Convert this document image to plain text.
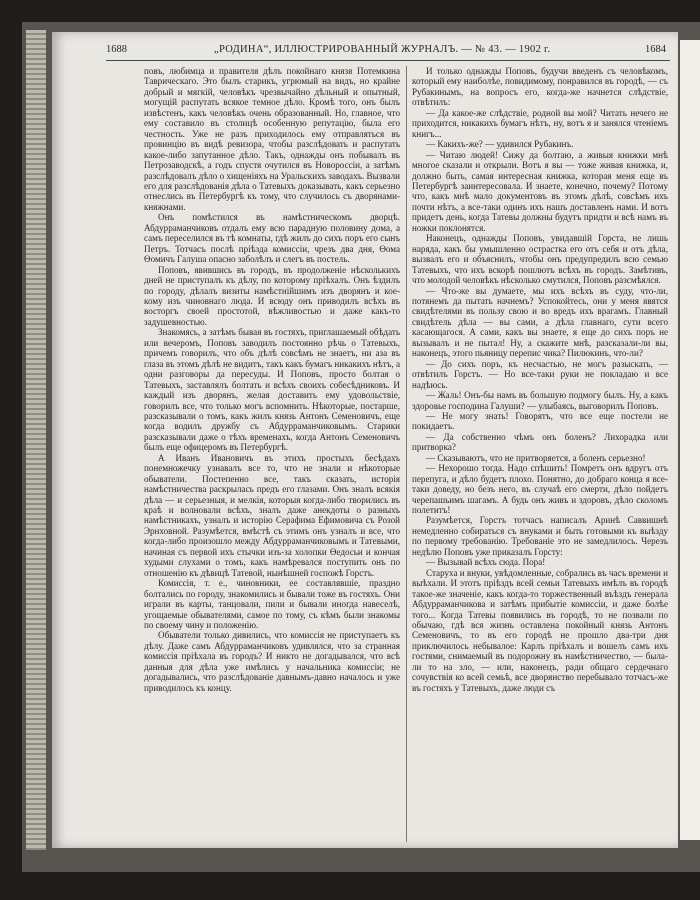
1688	„РОДИНА“, ИЛЛЮСТРИРОВАННЫЙ ЖУРНАЛЪ. — № 43. — 1902 г.	1684

повъ, любимца и правителя дѣлъ покойнаго князя Потемкина Таврическаго. Это былъ старикъ, угрюмый на видъ, но крайне добрый и мягкій, человѣкъ чрезвычайно дѣльный и опытный, могущій распутать всякое темное дѣло. Кромѣ того, онъ былъ извѣстенъ, какъ человѣкъ очень образованный. Но, главное, что ему составило въ столицѣ особенную репутацію, была его честность. Уже не разъ приходилось ему отправляться въ провинцію въ видѣ ревизора, чтобы разслѣдовать и распутать какое-либо запутанное дѣло. Такъ, однажды онъ побывалъ въ Петрозаводскѣ, а годъ спустя очутился въ Новороссіи, а затѣмъ разслѣдовалъ дѣло о хищеніяхъ на Уральскихъ заводахъ. Вызвали его для разслѣдованія дѣла о Татевыхъ доказывать, какъ серьезно отнеслись въ Петербургѣ къ тому, что случилось съ дворянами-княжнами.

Онъ помѣстился въ намѣстническомъ дворцѣ. Абдурраманчиковъ отдалъ ему всю парадную половину дома, а самъ переселился въ тѣ комнаты, гдѣ жилъ до сихъ поръ его сынъ Петръ. Тотчасъ послѣ пріѣзда комиссіи, чрезъ два дня, Ѳома Ѳомичъ Галуша опасно заболѣлъ и слегъ въ постель.

Поповъ, явившись въ городъ, въ продолженіе нѣсколькихъ дней не приступалъ къ дѣлу, по которому пріѣхалъ. Онъ ѣздилъ по городу, дѣлалъ визиты намѣстнійшимъ изъ дворянъ и кое-кому изъ чиновнаго люда. И всюду онъ приводилъ всѣхъ въ восторгъ своей простотой, вѣжливостью и даже какъ-то задушевностью.

Знакомясь, а затѣмъ бывая въ гостяхъ, приглашаемый обѣдать или вечеромъ, Поповъ заводилъ постоянно рѣчь о Татевыхъ, причемъ говорилъ, что объ дѣлѣ совсѣмъ не знаетъ, ни аза въ глаза въ этомъ дѣлѣ не видитъ, такъ какъ бумагъ никакихъ нѣтъ, а одни разговоры да пересуды. И Поповъ, просто болтая о Татевыхъ, заставлялъ болтать и всѣхъ своихъ собесѣдниковъ. И каждый изъ дворянъ, желая доставить ему удовольствіе, говорилъ все, что только могъ вспомнить. Нѣкоторые, постарше, разсказывали о томъ, какъ жилъ князь Антонъ Семеновичъ, еще когда водилъ дружбу съ Абдурраманчиковымъ. Старики разсказывали даже о тѣхъ временахъ, когда Антонъ Семеновичъ былъ еще офицеромъ въ Петербургѣ.

А Иванъ Ивановичъ въ этихъ простыхъ бесѣдахъ понемножечку узнавалъ все то, что не знали и нѣкоторые обыватели. Постепенно все, такъ сказать, исторія намѣстничества раскрылась предъ его глазами. Онъ зналъ всякія дѣла — и серьезныя, и мелкія, которыя когда-либо творились въ краѣ и волновали всѣхъ, зналъ даже анекдоты о разныхъ намѣстникахъ, узналъ и исторію Серафима Ефимовича съ Розой Эрнховной. Разумѣется, вмѣстѣ съ этимъ онъ узналъ и все, что когда-либо произошло между Абдурраманчиковымъ и Татевыми, начиная съ первой ихъ стычки изъ-за холопки Ѳедосьи и кончая худыми слухами о томъ, какъ намѣревался поступить онъ по отношенію къ дѣвицѣ Татевой, нынѣшней госпожѣ Горстъ.

Комиссія, т. е., чиновники, ее составлявшіе, праздно болтались по городу, знакомились и бывали тоже въ гостяхъ. Они играли въ карты, танцовали, пили и бывали иногда навеселѣ, угощаемые обывателями, самое по тому, съ кѣмъ были знакомы по своему чину и положенію.

Обыватели только дивились, что комиссія не приступаетъ къ дѣлу. Даже самъ Абдурраманчиковъ удивлялся, что за странная комиссія пріѣхала въ городъ? И никто не догадывался, что всѣ данныя для дѣла уже имѣлись у начальника комиссіи; не догадывались, что разслѣдованіе давнымъ-давно началось и уже приводилось къ концу.

И только однажды Поповъ, будучи введенъ съ человѣкомъ, который ему наиболѣе, повидимому, понравился въ городѣ, — съ Рубакинымъ, на вопросъ его, когда-же начнется слѣдствіе, отвѣтилъ:

— Да какое-же слѣдствіе, родной вы мой? Читать нечего не приходится, никакихъ бумагъ нѣтъ, ну, вотъ я и занялся чтеніемъ книгъ...

— Какихъ-же? — удивился Рубакинъ.

— Читаю людей! Сижу да болтаю, а живыя книжки мнѣ многое сказали и открыли. Вотъ я вы — тоже живая книжка, и, должно быть, самая интересная книжка, которая меня еще въ Петербургѣ заинтересовала. И знаете, конечно, почему? Потому что, какъ мнѣ мало документовъ въ этомъ дѣлѣ, совсѣмъ ихъ почти нѣтъ, а все-таки одинъ ихъ нашъ доставленъ нами. И вотъ придетъ день, когда Татевы должны будутъ придти и всѣ намъ въ ножки поклонятся.

Наконецъ, однажды Поповъ, увидавшій Горста, не лишь наряда, какъ бы умышленно острастка его отъ себя и отъ дѣла, вызвалъ его и объяснилъ, чтобы онъ предупредилъ всю семью Татевыхъ, что ихъ вскорѣ пошлютъ всѣхъ въ городъ. Замѣтивъ, что молодой человѣкъ нѣсколько смутился, Поповъ разсмѣялся.

— Что-же вы думаете, мы ихъ всѣхъ въ суду, что-ли, потянемъ да пытать начнемъ? Успокойтесь, они у меня явятся свидѣтелями въ пользу свою и во вредъ ихъ врагамъ. Главный свидѣтель дѣла — вы сами, а дѣла главнаго, сути всего касающагося. А сами, какъ вы знаете, я еще до сихъ поръ не вызывалъ и не пытал! Ну, а скажите мнѣ, разсказали-ли вы, наконецъ, этого пьяницу перепис чика? Пилюкинъ, что-ли?

— До сихъ поръ, къ несчастью, не могъ разыскать, — отвѣтилъ Горстъ. — Но все-таки руки не покладаю и все надѣюсь.

— Жаль! Онъ-бы намъ въ большую подмогу былъ. Ну, а какъ здоровье господина Галуши? — улыбаясь, выговорилъ Поповъ.

— Не могу знать! Говорятъ, что все еще постели не покидаетъ.

— Да собственно чѣмъ онъ боленъ? Лихорадка или притворка?

— Сказываютъ, что не притворяется, а боленъ серьезно!

— Нехорошо тогда. Надо спѣшить! Помретъ онъ вдругъ отъ перепуга, и дѣло будетъ плохо. Понятно, до добраго конца я все-таки доведу, но безъ него, въ случаѣ его смерти, дѣло пойдетъ черепашьимъ шагамъ. А будь онъ живъ и здоровъ, дѣло сколомъ полетитъ!

Разумѣется, Горстъ тотчасъ написалъ Аринѣ Саввишнѣ немедленно собираться съ внуками и быть готовыми къ выѣзду по первому требованію. Требованіе это не замедлилось. Черезъ недѣлю Поповъ уже приказалъ Горсту:

— Вызывай всѣхъ сюда. Пора!

Старуха и внуки, увѣдомленные, собрались въ часъ времени и выѣхали. И этотъ пріѣздъ всей семьи Татевыхъ имѣлъ въ городѣ такое-же значеніе, какъ когда-то торжественный въѣздъ генерала Абдурраманчикова и затѣмъ прибытіе комиссіи, и даже болѣе того... Когда Татевы появились въ городѣ, то не позвали по обычаю, гдѣ вся жизнь оставлена покойный князь Антонъ Семеновичъ, то въ его городѣ не прошло два-три дня приключилось небывалое: Карлъ пріѣхалъ и вошелъ самъ ихъ гостями, снимаемый въ подорожну въ намѣстничество, — была-ли то на зло, — или, наконецъ, ради общаго сердечнаго сочувствія ко всей семьѣ, все дворянство перебывало тотчасъ-же въ гостяхъ у Татевыхъ, даже люди съ
